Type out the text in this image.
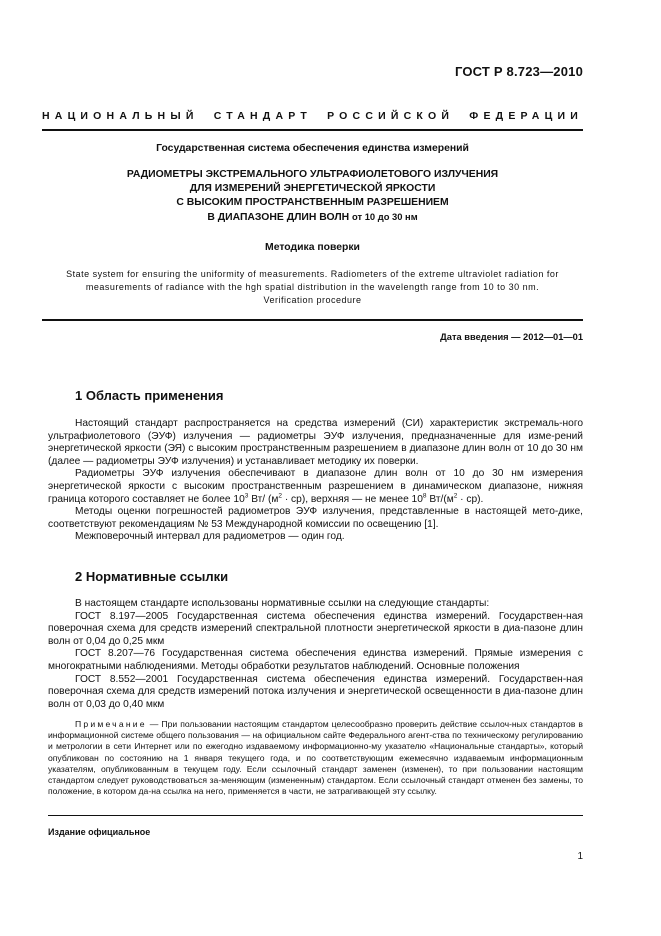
ГОСТ Р 8.723—2010
НАЦИОНАЛЬНЫЙ СТАНДАРТ РОССИЙСКОЙ ФЕДЕРАЦИИ
Государственная система обеспечения единства измерений
РАДИОМЕТРЫ ЭКСТРЕМАЛЬНОГО УЛЬТРАФИОЛЕТОВОГО ИЗЛУЧЕНИЯ
ДЛЯ ИЗМЕРЕНИЙ ЭНЕРГЕТИЧЕСКОЙ ЯРКОСТИ
С ВЫСОКИМ ПРОСТРАНСТВЕННЫМ РАЗРЕШЕНИЕМ
В ДИАПАЗОНЕ ДЛИН ВОЛН от 10 до 30 нм
Методика поверки
State system for ensuring the uniformity of measurements. Radiometers of the extreme ultraviolet radiation for
measurements of radiance with the hgh spatial distribution in the wavelength range from 10 to 30 nm.
Verification procedure
Дата введения — 2012—01—01
1 Область применения

Настоящий стандарт распространяется на средства измерений (СИ) характеристик экстремаль-ного ультрафиолетового (ЭУФ) излучения — радиометры ЭУФ излучения, предназначенные для изме-рений энергетической яркости (ЭЯ) с высоким пространственным разрешением в диапазоне длин волн от 10 до 30 нм (далее — радиометры ЭУФ излучения) и устанавливает методику их поверки.

Радиометры ЭУФ излучения обеспечивают в диапазоне длин волн от 10 до 30 нм измерения энергетической яркости с высоким пространственным разрешением в динамическом диапазоне, нижняя граница которого составляет не более $10^3$ Вт/ $(м^2 \cdot ср)$, верхняя — не менее $10^8$ $Вт/(м^2 \cdot ср)$.

Методы оценки погрешностей радиометров ЭУФ излучения, представленные в настоящей мето-дике, соответствуют рекомендациям № 53 Международной комиссии по освещению [1].

Межповерочный интервал для радиометров — один год.

2 Нормативные ссылки

В настоящем стандарте использованы нормативные ссылки на следующие стандарты:

ГОСТ 8.197—2005 Государственная система обеспечения единства измерений. Государствен-ная поверочная схема для средств измерений спектральной плотности энергетической яркости в диа-пазоне длин волн от 0,04 до 0,25 мкм

ГОСТ 8.207—76 Государственная система обеспечения единства измерений. Прямые измерения с многократными наблюдениями. Методы обработки результатов наблюдений. Основные положения

ГОСТ 8.552—2001 Государственная система обеспечения единства измерений. Государствен-ная поверочная схема для средств измерений потока излучения и энергетической освещенности в диа-пазоне длин волн от 0,03 до 0,40 мкм

Примечание — При пользовании настоящим стандартом целесообразно проверить действие ссылоч-ных стандартов в информационной системе общего пользования — на официальном сайте Федерального агент-ства по техническому регулированию и метрологии в сети Интернет или по ежегодно издаваемому информационно-му указателю «Национальные стандарты», который опубликован по состоянию на 1 января текущего года, и по соответствующим ежемесячно издаваемым информационным указателям, опубликованным в текущем году. Если ссылочный стандарт заменен (изменен), то при пользовании настоящим стандартом следует руководствоваться за-меняющим (измененным) стандартом. Если ссылочный стандарт отменен без замены, то положение, в котором да-на ссылка на него, применяется в части, не затрагивающей эту ссылку.

Издание официальное
1
